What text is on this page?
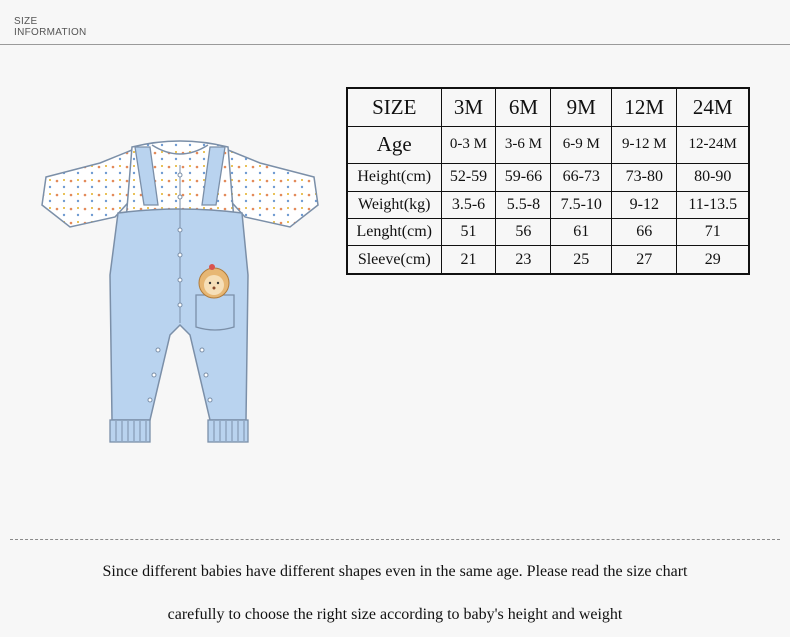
SIZE
INFORMATION
SIZE	3M	6M	9M	12M	24M
Age	0-3 M	3-6 M	6-9 M	9-12 M	12-24M
Height(cm)	52-59	59-66	66-73	73-80	80-90
Weight(kg)	3.5-6	5.5-8	7.5-10	9-12	11-13.5
Lenght(cm)	51	56	61	66	71
Sleeve(cm)	21	23	25	27	29
Since different babies have different shapes even in the same age. Please read the size chart
carefully to choose the right size according to baby's height and weight
